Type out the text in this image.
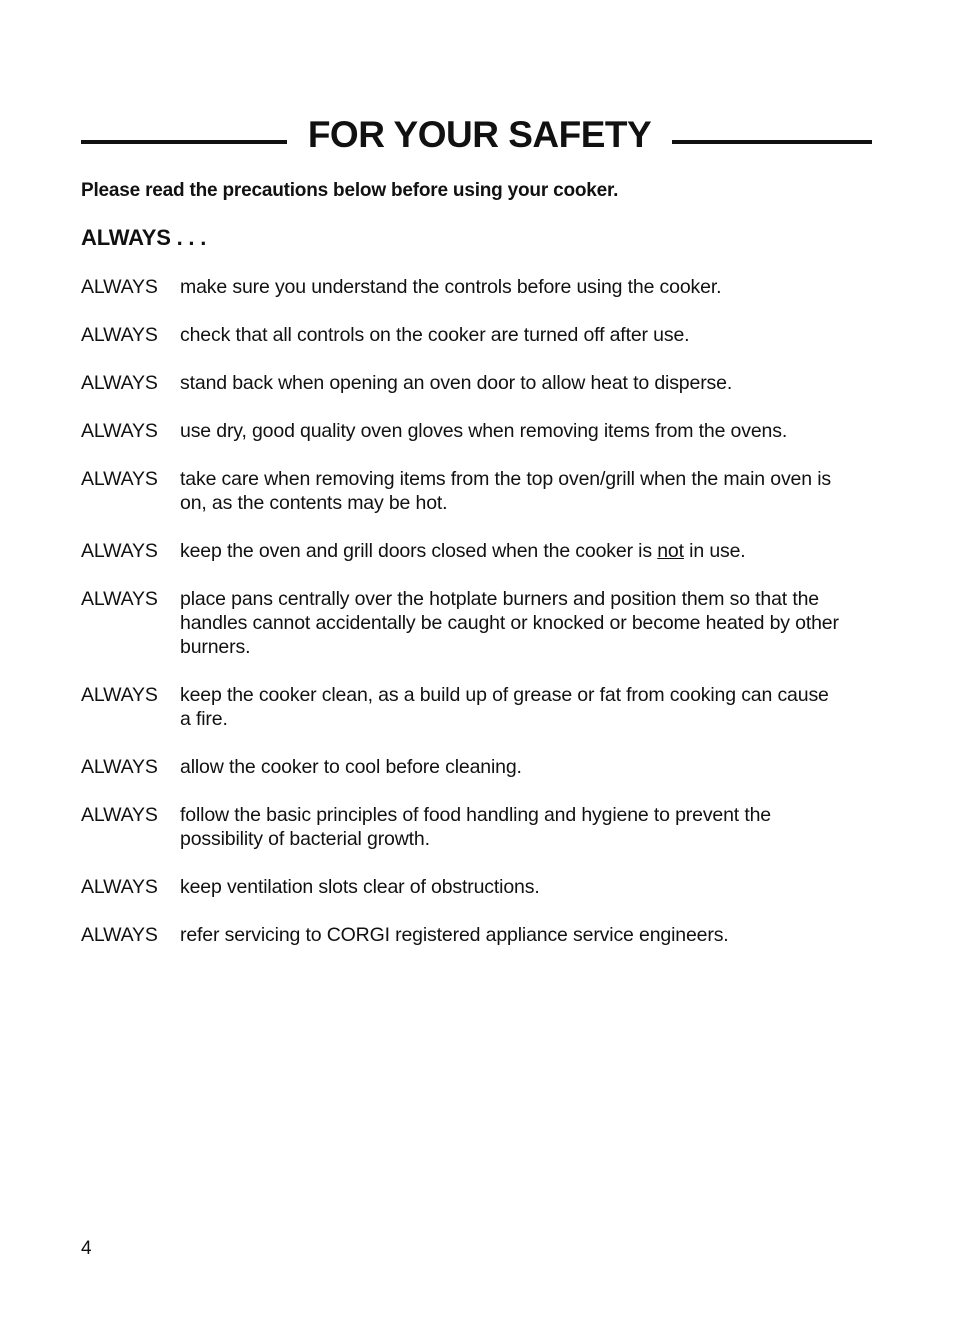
FOR YOUR SAFETY
Please read the precautions below before using your cooker.
ALWAYS . . .
ALWAYS	make sure you understand the controls before using the cooker.
ALWAYS	check that all controls on the cooker are turned off after use.
ALWAYS	stand back when opening an oven door to allow heat to disperse.
ALWAYS	use dry, good quality oven gloves when removing items from the ovens.
ALWAYS	take care when removing items from the top oven/grill when the main oven is on, as the contents may be hot.
ALWAYS	keep the oven and grill doors closed when the cooker is not in use.
ALWAYS	place pans centrally over the hotplate burners and position them so that the handles cannot accidentally be caught or knocked or become heated by other burners.
ALWAYS	keep the cooker clean, as a build up of grease or fat from cooking can cause a fire.
ALWAYS	allow the cooker to cool before cleaning.
ALWAYS	follow the basic principles of food handling and hygiene to prevent the possibility of bacterial growth.
ALWAYS	keep ventilation slots clear of obstructions.
ALWAYS	refer servicing to CORGI registered appliance service engineers.
4
